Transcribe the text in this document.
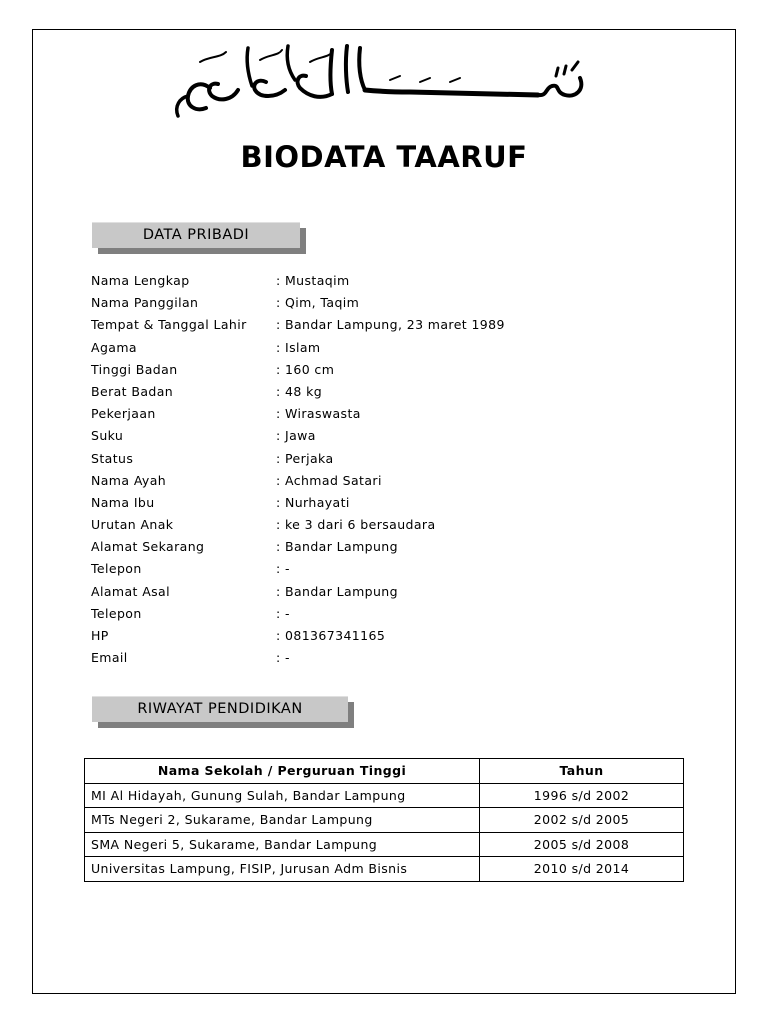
بِسْمِ اللّٰهِ الرَّحْمٰنِ الرَّحِيْمِ
BIODATA TAARUF
DATA PRIBADI
Nama Lengkap	: Mustaqim
Nama Panggilan	: Qim, Taqim
Tempat & Tanggal Lahir : Bandar Lampung, 23 maret 1989
Agama	: Islam
Tinggi Badan	: 160 cm
Berat Badan	: 48 kg
Pekerjaan	: Wiraswasta
Suku	: Jawa
Status	: Perjaka
Nama Ayah	: Achmad Satari
Nama Ibu	: Nurhayati
Urutan Anak	: ke 3 dari 6 bersaudara
Alamat Sekarang	: Bandar Lampung
Telepon	: -
Alamat Asal	: Bandar Lampung
Telepon	: -
HP	: 081367341165
Email	: -
RIWAYAT PENDIDIKAN
Nama Sekolah / Perguruan Tinggi	Tahun
MI Al Hidayah, Gunung Sulah, Bandar Lampung	1996 s/d 2002
MTs Negeri 2, Sukarame, Bandar Lampung	2002 s/d 2005
SMA Negeri 5, Sukarame, Bandar Lampung	2005 s/d 2008
Universitas Lampung, FISIP, Jurusan Adm Bisnis	2010 s/d 2014
